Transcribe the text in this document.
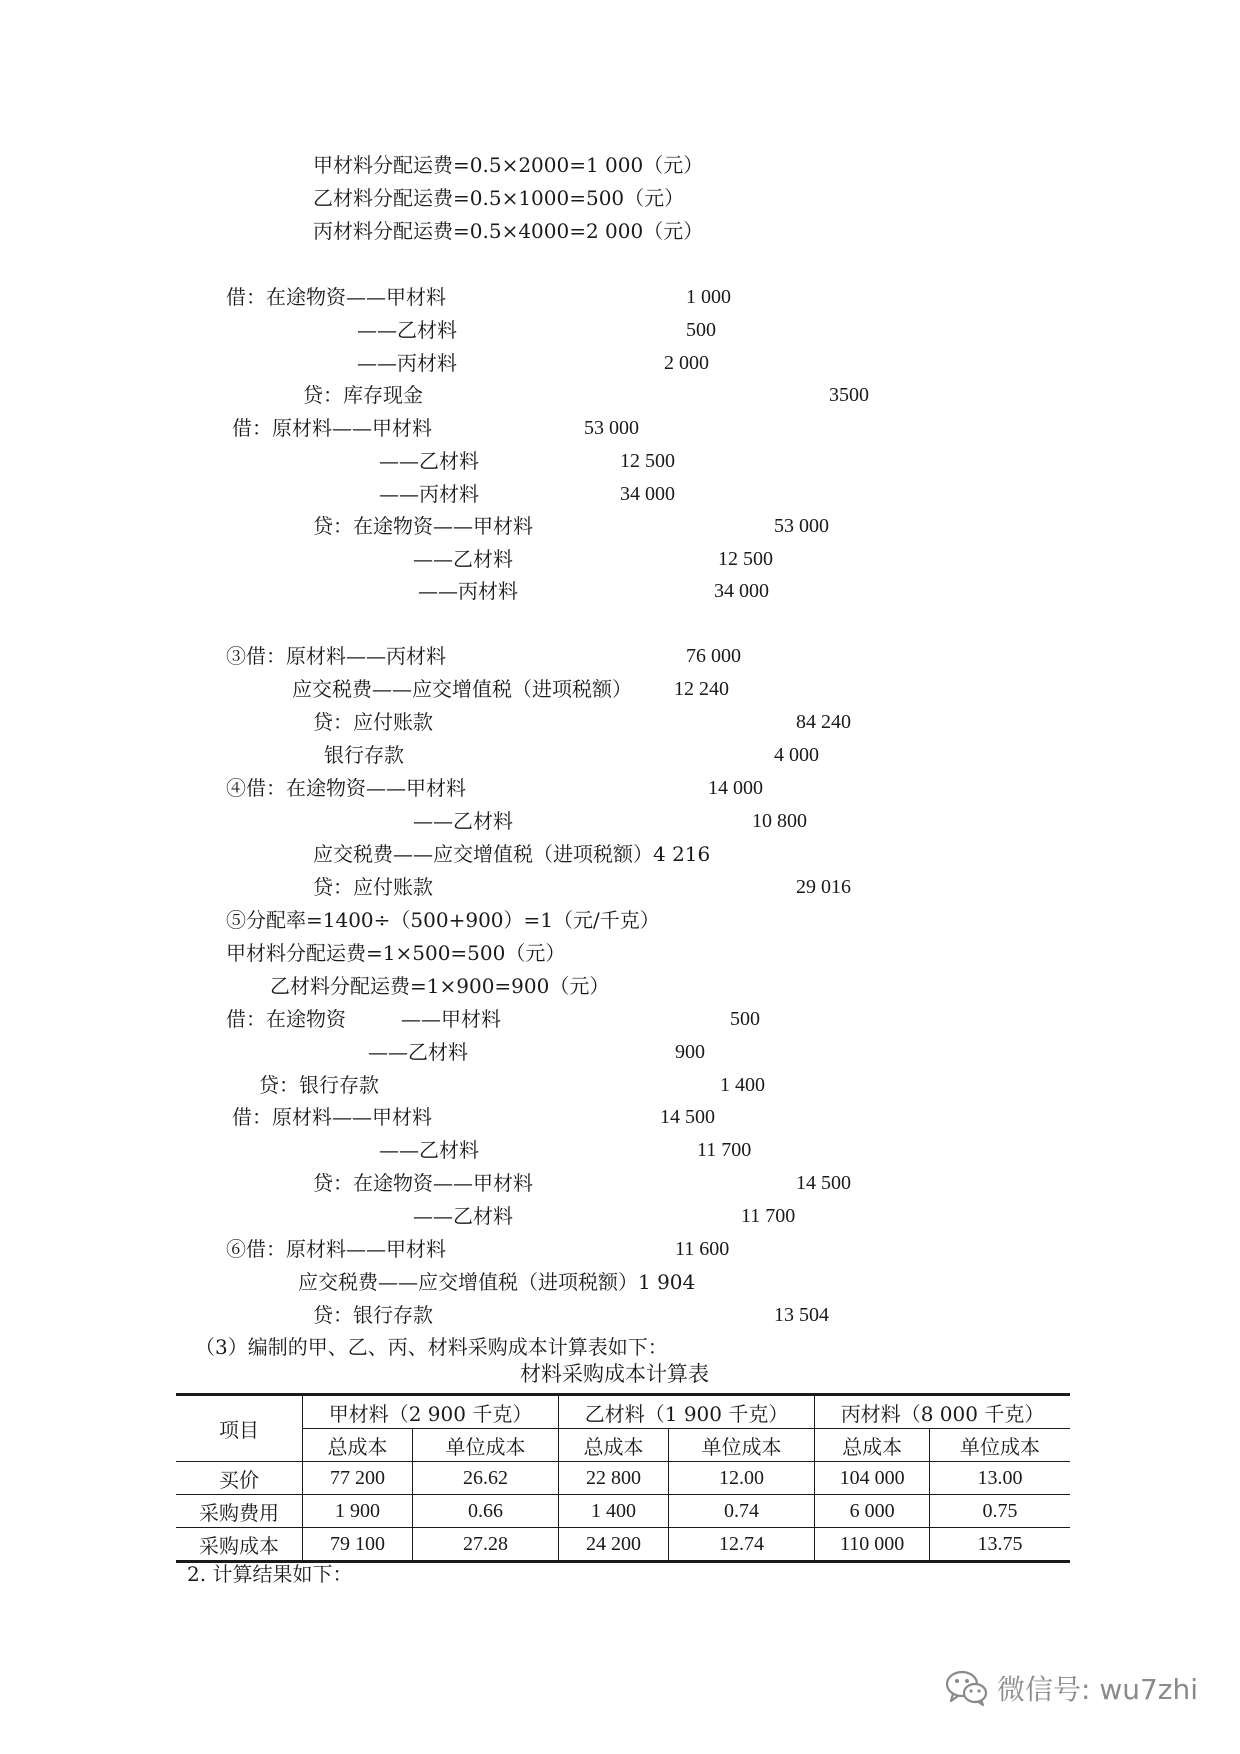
甲材料分配运费=0.5×2000=1 000（元）
乙材料分配运费=0.5×1000=500（元）
丙材料分配运费=0.5×4000=2 000（元）
借：在途物资——甲材料	1 000
——乙材料	500
——丙材料	2 000
贷：库存现金	3500
借：原材料——甲材料	53 000
——乙材料	12 500
——丙材料	34 000
贷：在途物资——甲材料	53 000
——乙材料	12 500
——丙材料	34 000
③借：原材料——丙材料	76 000
应交税费——应交增值税（进项税额） 12 240
贷：应付账款	84 240
银行存款	4 000
④借：在途物资——甲材料	14 000
——乙材料	10 800
应交税费——应交增值税（进项税额）4 216
贷：应付账款	29 016
⑤分配率=1400÷（500+900）=1（元/千克）
甲材料分配运费=1×500=500（元）
乙材料分配运费=1×900=900（元）
借：在途物资	——甲材料	500
——乙材料	900
贷：银行存款	1 400
借：原材料——甲材料	14 500
——乙材料	11 700
贷：在途物资——甲材料	14 500
——乙材料	11 700
⑥借：原材料——甲材料	11 600
应交税费——应交增值税（进项税额）1 904
贷：银行存款	13 504
（3）编制的甲、乙、丙、材料采购成本计算表如下：
材料采购成本计算表
项目	甲材料（2 900 千克）		乙材料（1 900 千克）		丙材料（8 000 千克）	
	总成本	单位成本	总成本	单位成本	总成本	单位成本
买价	77 200	26.62	22 800	12.00	104 000	13.00
采购费用	1 900	0.66	1 400	0.74	6 000	0.75
采购成本	79 100	27.28	24 200	12.74	110 000	13.75
2. 计算结果如下：
微信号: wu7zhi
